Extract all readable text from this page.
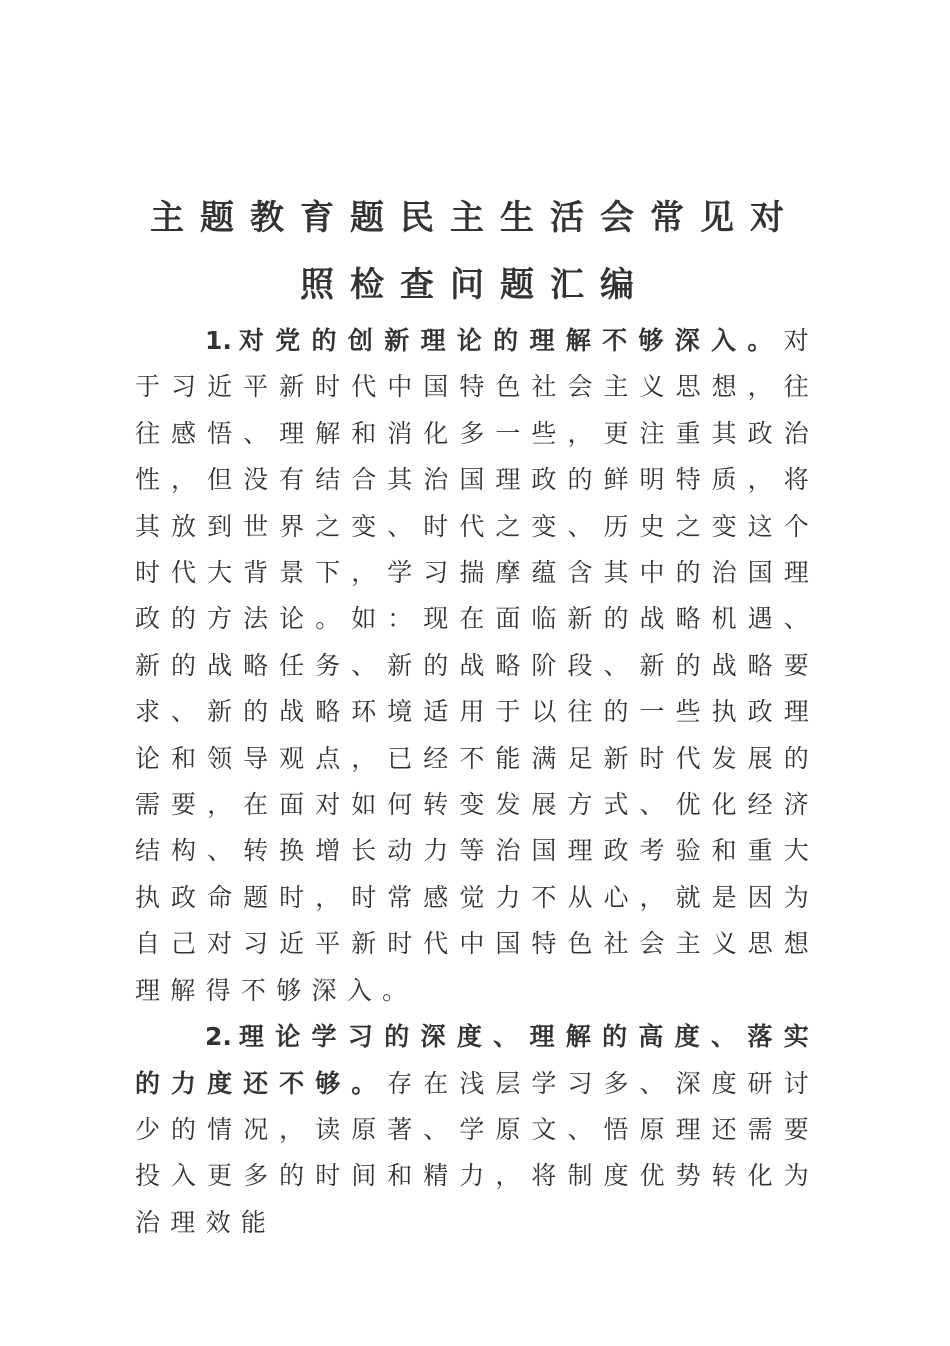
主题教育题民主生活会常见对
照检查问题汇编

1. 对党的创新理论的理解不够深入。对于习近平新时代中国特色社会主义思想，往往感悟、理解和消化多一些，更注重其政治性，但没有结合其治国理政的鲜明特质，将其放到世界之变、时代之变、历史之变这个时代大背景下，学习揣摩蕴含其中的治国理政的方法论。如：现在面临新的战略机遇、新的战略任务、新的战略阶段、新的战略要求、新的战略环境适用于以往的一些执政理论和领导观点，已经不能满足新时代发展的需要，在面对如何转变发展方式、优化经济结构、转换增长动力等治国理政考验和重大执政命题时，时常感觉力不从心，就是因为自己对习近平新时代中国特色社会主义思想理解得不够深入。

2. 理论学习的深度、理解的高度、落实的力度还不够。存在浅层学习多、深度研讨少的情况，读原著、学原文、悟原理还需要投入更多的时间和精力，将制度优势转化为治理效能
